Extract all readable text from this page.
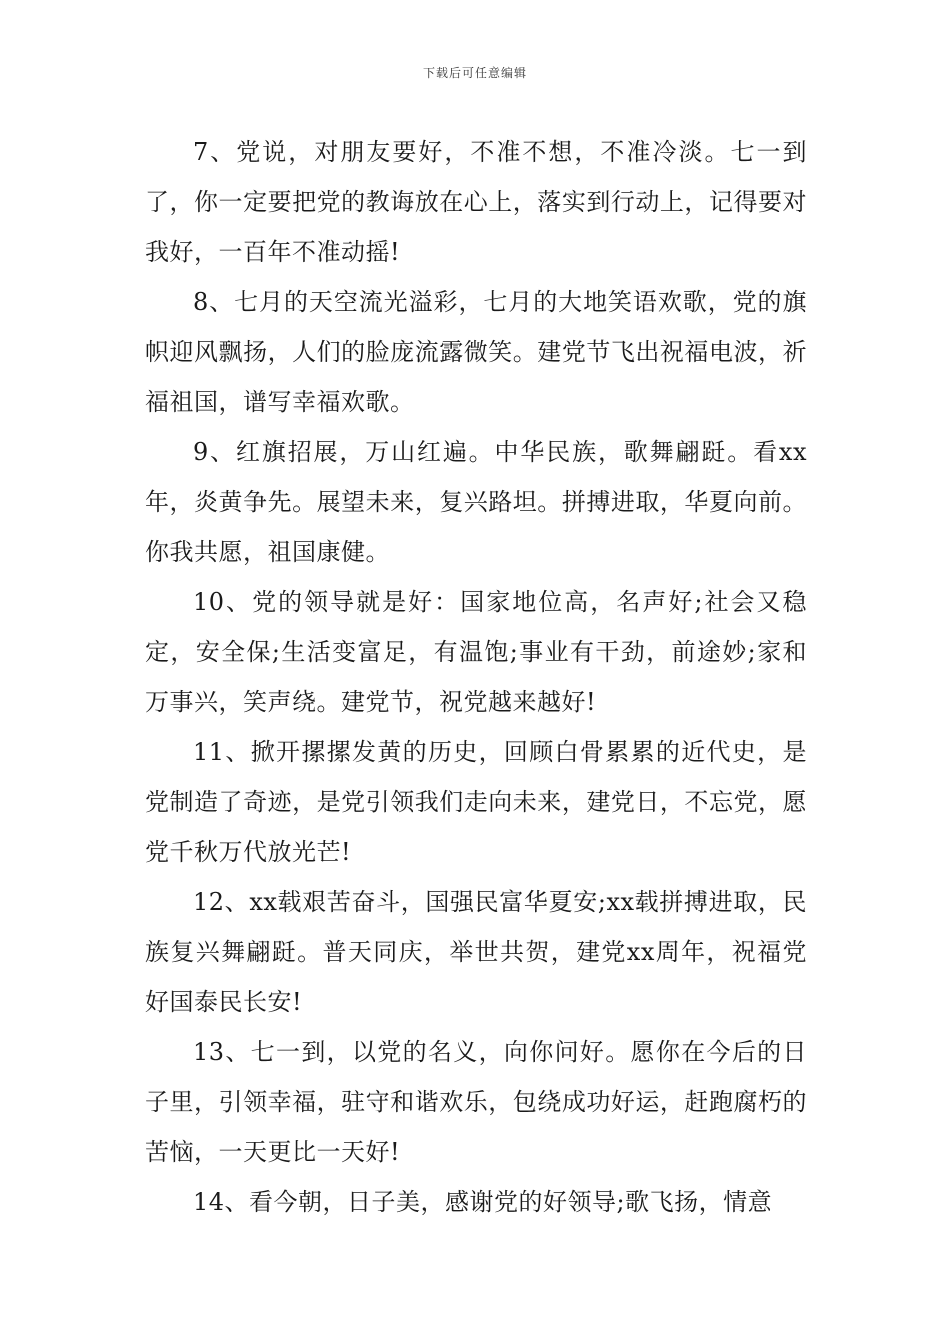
下载后可任意编辑

7、党说，对朋友要好，不准不想，不准冷淡。七一到了，你一定要把党的教诲放在心上，落实到行动上，记得要对我好，一百年不准动摇!

8、七月的天空流光溢彩，七月的大地笑语欢歌，党的旗帜迎风飘扬，人们的脸庞流露微笑。建党节飞出祝福电波，祈福祖国，谱写幸福欢歌。

9、红旗招展，万山红遍。中华民族，歌舞翩跹。看xx年，炎黄争先。展望未来，复兴路坦。拼搏进取，华夏向前。你我共愿，祖国康健。

10、党的领导就是好：国家地位高，名声好;社会又稳定，安全保;生活变富足，有温饱;事业有干劲，前途妙;家和万事兴，笑声绕。建党节，祝党越来越好!

11、掀开摞摞发黄的历史，回顾白骨累累的近代史，是党制造了奇迹，是党引领我们走向未来，建党日，不忘党，愿党千秋万代放光芒!

12、xx载艰苦奋斗，国强民富华夏安;xx载拼搏进取，民族复兴舞翩跹。普天同庆，举世共贺，建党xx周年，祝福党好国泰民长安!

13、七一到，以党的名义，向你问好。愿你在今后的日子里，引领幸福，驻守和谐欢乐，包绕成功好运，赶跑腐朽的苦恼，一天更比一天好!

14、看今朝，日子美，感谢党的好领导;歌飞扬，情意
